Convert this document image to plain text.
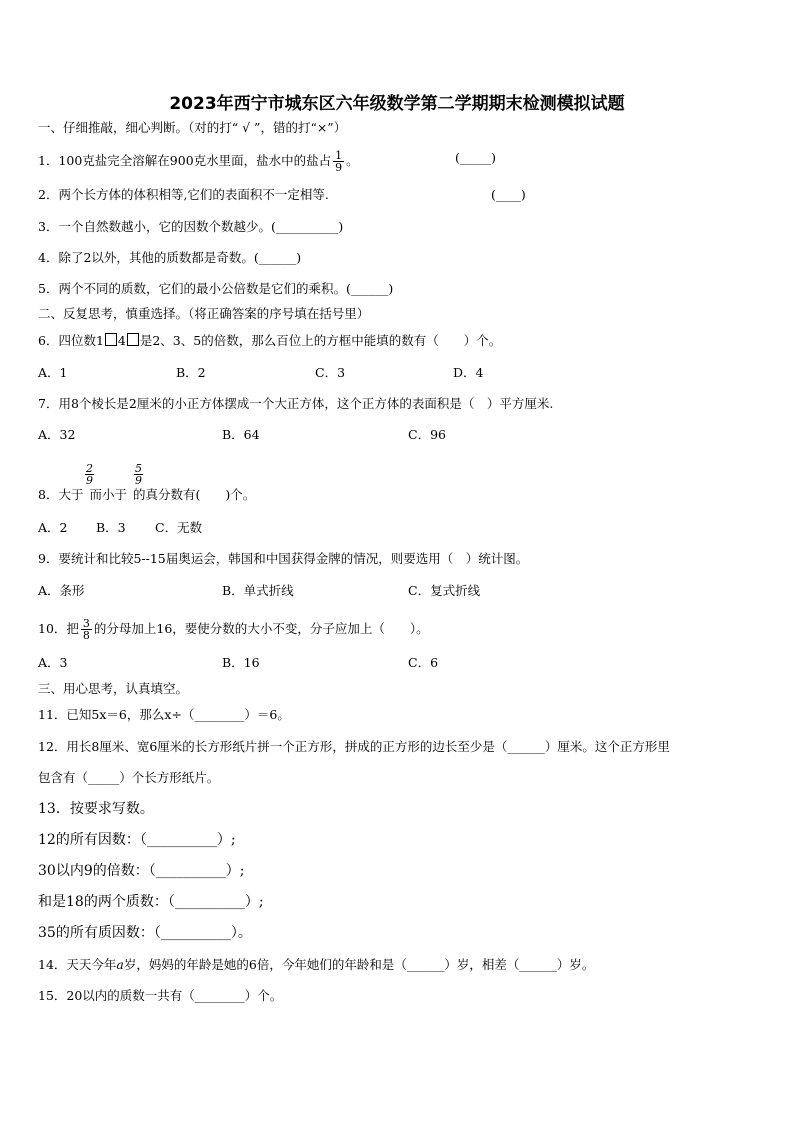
2023年西宁市城东区六年级数学第二学期期末检测模拟试题
一、仔细推敲，细心判断。（对的打“ √ ”，错的打“×”）
1．100克盐完全溶解在900克水里面，盐水中的盐占 $\frac{1}{9}$ 。	(_____)
2．两个长方体的体积相等,它们的表面积不一定相等.	(____)
3．一个自然数越小，它的因数个数越少。(__________)
4．除了2以外，其他的质数都是奇数。(______)
5．两个不同的质数，它们的最小公倍数是它们的乘积。(______)
二、反复思考，慎重选择。（将正确答案的序号填在括号里）
6．四位数1 4 是2、3、5的倍数，那么百位上的方框中能填的数有（　　）个。
A．1	B．2	C．3	D．4
7．用8个棱长是2厘米的小正方体摆成一个大正方体，这个正方体的表面积是（　）平方厘米.
A．32	B．64	C．96
$\frac{2}{9}$	$\frac{5}{9}$
8．大于 而小于 的真分数有(　　)个。
A．2 B．3 C．无数
9．要统计和比较5--15届奥运会，韩国和中国获得金牌的情况，则要选用（　）统计图。
A．条形	B．单式折线	C．复式折线
10．把 $\frac{3}{8}$ 的分母加上16，要使分数的大小不变，分子应加上（　　）。
A．3	B．16	C．6
三、用心思考，认真填空。
11．已知5x＝6，那么x÷（________）＝6。
12．用长8厘米、宽6厘米的长方形纸片拼一个正方形，拼成的正方形的边长至少是（______）厘米。这个正方形里
包含有（_____）个长方形纸片。
13．按要求写数。
12的所有因数：（__________）;
30以内9的倍数：（__________）;
和是18的两个质数：（__________）;
35的所有质因数：（__________）。
14．天天今年a岁，妈妈的年龄是她的6倍，今年她们的年龄和是（______）岁，相差（______）岁。
15．20以内的质数一共有（________）个。
